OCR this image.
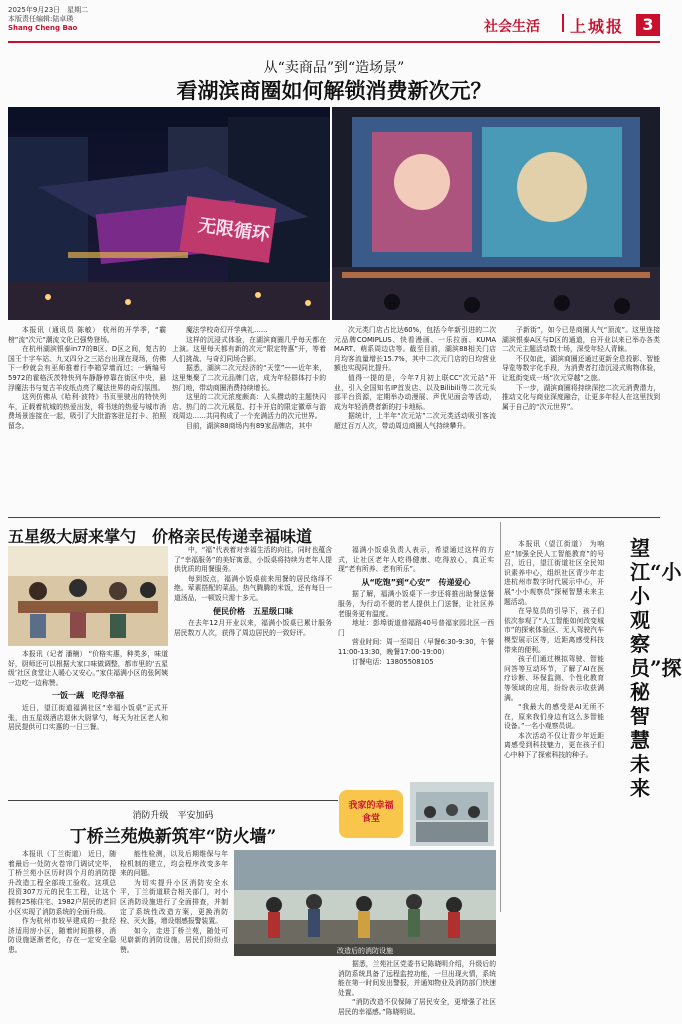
2025年9月23日　星期二
本版责任编辑:陆卓瑛
Shang Cheng Bao	社会生活 上城报	3
从“卖商品”到“造场景”
看湖滨商圈如何解锁消费新次元？
无限循环

本报讯（通讯员 陈敏） 杭州的开学季，“霸榜”流“次元”潮流文化已强势登场。

在杭州湖滨银泰in77的B区、D区之间，复古的国王十字车站、九又四分之三站台出现在现场，仿佛下一秒就会有巫师推着行李箱穿墙而过；一辆编号5972的霍格沃茨特快列车静静停靠在街区中央，悬浮魔法书与复古羊皮纸点亮了魔法世界的奇幻氛围。

这列仿佛从《哈利·波特》书页里驶出的特快列车，正载着杭城的热爱出发，将书迷的热爱与城市消费场景连接在一起，吸引了大批游客驻足打卡、拍照留念。

魔法学校奇幻开学典礼……

这样的沉浸式体验，在湖滨商圈几乎每天都在上演。这里每天都有新的次元“限定特惠”开，等着人们挑战、与奇幻同场合影。

据悉，湖滨二次元经济的“天堂”——近年来，这里集聚了二次元品牌门店，成为年轻群体打卡的热门地，带动商圈消费持续增长。

这里的二次元浓度颇高：人头攒动的主题快闪店、热门的二次元展览、打卡开启的限定徽章与游戏周边……共同构成了一个充满活力的次元世界。

目前，湖滨88商场内有89家品牌店，其中

次元类门店占比达60%，包括今年新引进的二次元品牌COMIPLUS、快看漫画、一乐拉面、KUMA MART、萌系周边店等。截至目前，湖滨88相关门店月均客流量增长15.7%，其中二次元门店的日均营业额也实现同比提升。

值得一提的是，今年7月初上联CC“次元站”开业，引入全国知名IP首发店、以及Bilibili等二次元头部平台资源，定期举办动漫展、声优见面会等活动，成为年轻消费者新的打卡地标。

据统计，上半年“次元站”二次元类活动吸引客流超过百万人次，带动周边商圈人气持续攀升。

子新街”，如今已是商圈人气“顶流”。这里连接湖滨银泰A区与D区的通道，自开业以来已举办各类二次元主题活动数十场，深受年轻人青睐。

不仅如此，湖滨商圈还通过更新全息投影、智能导览等数字化手段，为消费者打造沉浸式购物体验，让逛街变成一场“次元穿越”之旅。

下一步，湖滨商圈将持续深挖二次元消费潜力，推动文化与商业深度融合，让更多年轻人在这里找到属于自己的“次元世界”。

五星级大厨来掌勺　价格亲民传递幸福味道

本报讯（记者 潘楠） “价格实惠，种类多，味道好，厨师还可以根据大家口味做调整，都市里的‘五星级’社区食堂让人暖心又安心。”家住福满小区的张阿姨一边吃一边称赞。

一饭一蔬　吃得幸福

近日，望江街道福满社区“幸福小饭桌”正式开张，由五星级酒店退休大厨掌勺，每天为社区老人和居民提供可口实惠的一日三餐。

中，“福”代表着对幸福生活的向往，同时也蕴含了“幸福服务”的美好寓意，小饭桌将持续为老年人提供优质的用餐服务。

每到饭点，福满小饭桌前来用餐的居民络绎不绝。荤素搭配的菜品，热气腾腾的米饭，还有每日一道汤品，一顿饭只需十多元。

便民价格　五星级口味

在去年12月开业以来，福满小饭桌已累计服务居民数万人次，获得了周边居民的一致好评。

福满小饭桌负责人表示，希望通过这样的方式，让社区老年人吃得健康、吃得放心，真正实现“老有所养、老有所乐”。

从“吃饱”到“心安”　传递爱心

据了解，福满小饭桌下一步还将推出助餐送餐服务，为行动不便的老人提供上门送餐，让社区养老服务更有温度。

地址：彭埠街道普福路40号普福家园北区一西门

营业时间：周一至周日（早餐6:30-9:30，午餐11:00-13:30，晚餐17:00-19:00）

订餐电话：13805508105

我家的幸福食堂

本报讯（望江街道） 为响应“加强全民人工智能教育”的号召，近日，望江街道社区全民知识素养中心，组织社区青少年走进杭州市数字时代展示中心，开展“小小观察员”探秘智慧未来主题活动。

在导览员的引导下，孩子们依次参观了“人工智能如何改变城市”的探索体验区、无人驾驶汽车模型展示区等，近距离感受科技带来的便利。

孩子们通过模拟驾驶、智能问答等互动环节，了解了AI在医疗诊断、环保监测、个性化教育等领域的应用，纷纷表示收获满满。

“我最大的感受是AI无所不在，原来我们身边有这么多智能设备。”一名小观察员说。

本次活动不仅让青少年近距离感受到科技魅力，更在孩子们心中种下了探索科技的种子。

望江“小小观察员”探秘智慧未来
消防升级　平安加码
丁桥兰苑焕新筑牢“防火墙”

本报讯（丁兰街道） 近日，随着最后一处防火卷帘门调试完毕，丁桥兰苑小区历时四个月的消防提升改造工程全部竣工验收。这项总投资307万元的民生工程，让这个拥有25栋住宅、1982户居民的老旧小区实现了消防系统的全面升级。

作为杭州市较早建成的一批经济适用房小区，随着时间推移，消防设施逐渐老化，存在一定安全隐患。

能性检测，以及后期维保与年检机制的建立，均会程序改变多年来的问题。

为切实提升小区消防安全水平，丁兰街道联合相关部门，对小区消防设施进行了全面排查，并制定了系统性改造方案，更换消防栓、灭火器，增设烟感报警装置。

如今，走进丁桥兰苑，随处可见崭新的消防设施，居民们纷纷点赞。	改造后的消防设施

据悉，兰苑社区党委书记陈晓明介绍，升级后的消防系统具备了远程监控功能，一旦出现火情，系统能在第一时间发出警报，并通知物业及消防部门快速处置。

“消防改造不仅保障了居民安全，更增强了社区居民的幸福感。”陈晓明说。
